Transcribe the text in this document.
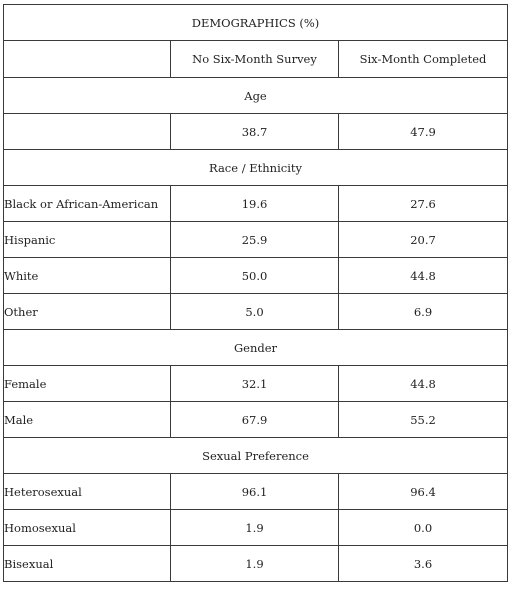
DEMOGRAPHICS (%)		
	No Six-Month Survey	Six-Month Completed
Age		
	38.7	47.9
Race / Ethnicity		
Black or African-American	19.6	27.6
Hispanic	25.9	20.7
White	50.0	44.8
Other	5.0	6.9
Gender		
Female	32.1	44.8
Male	67.9	55.2
Sexual Preference		
Heterosexual	96.1	96.4
Homosexual	1.9	0.0
Bisexual	1.9	3.6
